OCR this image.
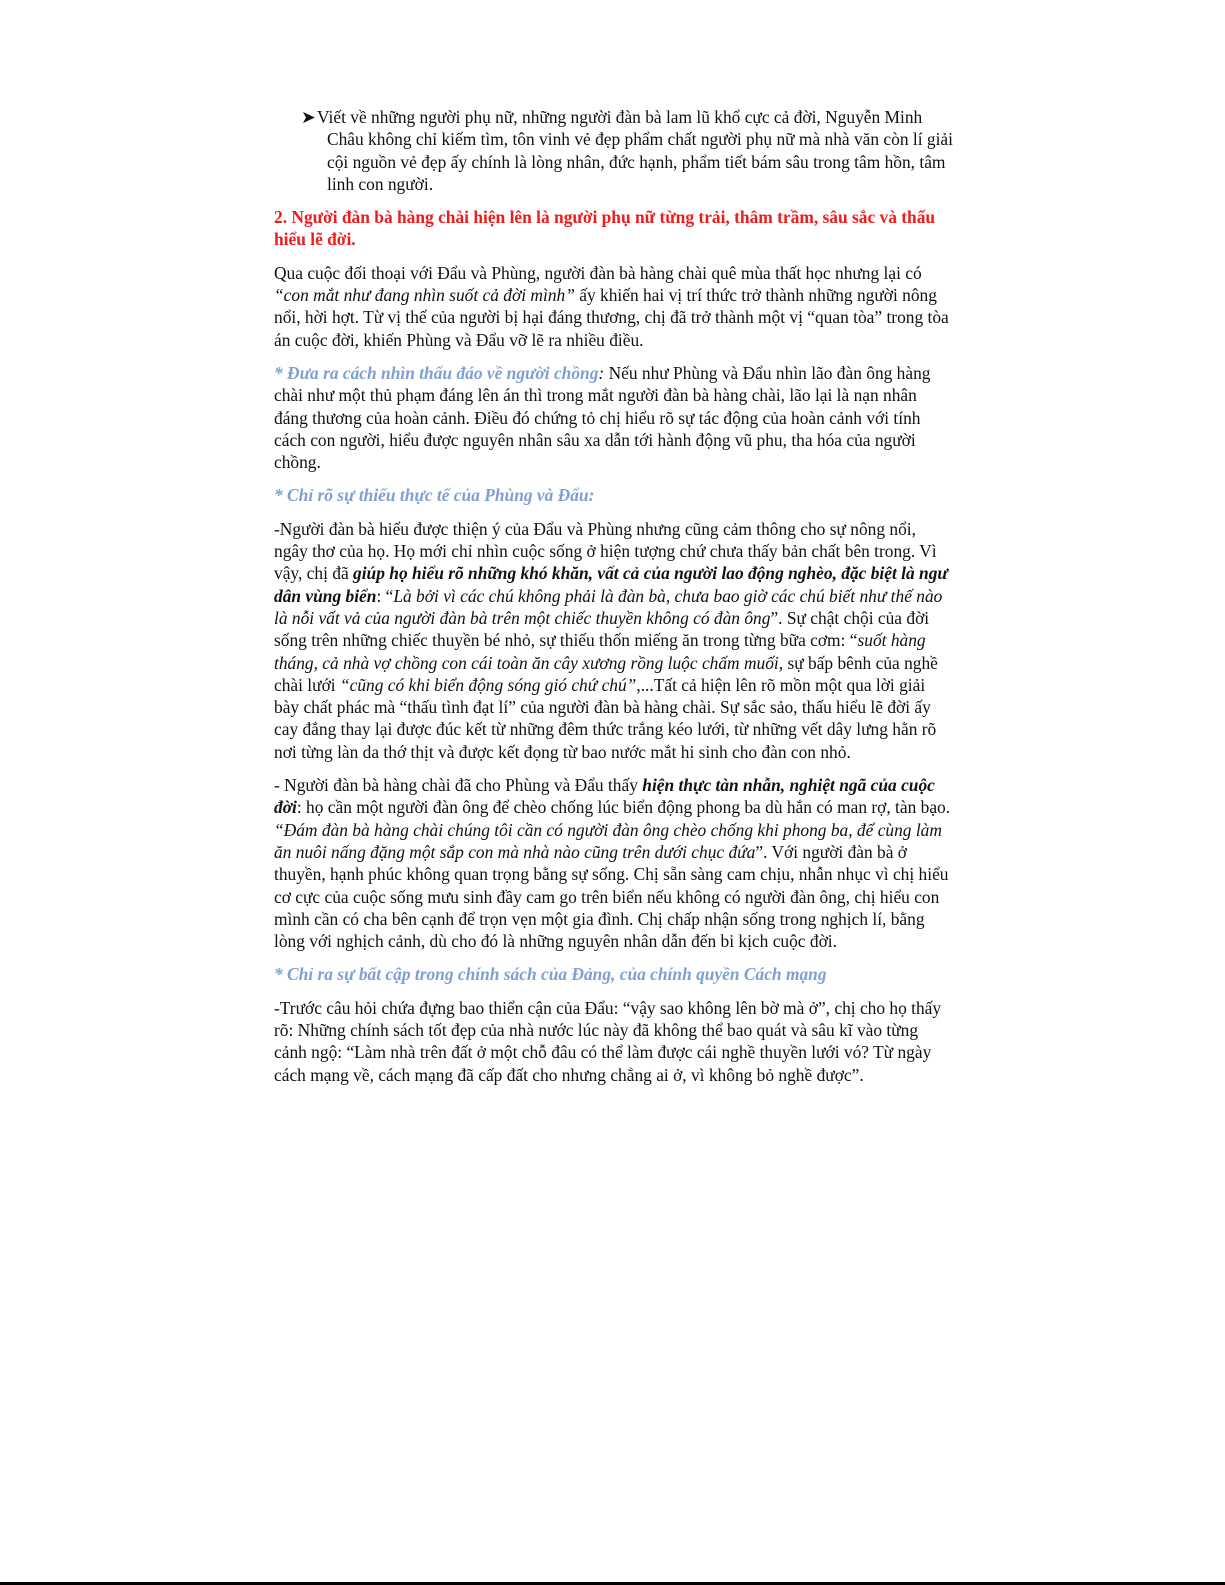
➤Viết về những người phụ nữ, những người đàn bà lam lũ khổ cực cả đời, Nguyễn Minh Châu không chỉ kiếm tìm, tôn vinh vẻ đẹp phẩm chất người phụ nữ mà nhà văn còn lí giải cội nguồn vẻ đẹp ấy chính là lòng nhân, đức hạnh, phẩm tiết bám sâu trong tâm hồn, tâm linh con người.

2. Người đàn bà hàng chài hiện lên là người phụ nữ từng trải, thâm trầm, sâu sắc và thấu hiểu lẽ đời.

Qua cuộc đối thoại với Đẩu và Phùng, người đàn bà hàng chài quê mùa thất học nhưng lại có “con mắt như đang nhìn suốt cả đời mình” ấy khiến hai vị trí thức trở thành những người nông nổi, hời hợt. Từ vị thế của người bị hại đáng thương, chị đã trở thành một vị “quan tòa” trong tòa án cuộc đời, khiến Phùng và Đẩu vỡ lẽ ra nhiều điều.

* Đưa ra cách nhìn thấu đáo về người chồng: Nếu như Phùng và Đẩu nhìn lão đàn ông hàng chài như một thủ phạm đáng lên án thì trong mắt người đàn bà hàng chài, lão lại là nạn nhân đáng thương của hoàn cảnh. Điều đó chứng tỏ chị hiểu rõ sự tác động của hoàn cảnh với tính cách con người, hiểu được nguyên nhân sâu xa dẫn tới hành động vũ phu, tha hóa của người chồng.

* Chỉ rõ sự thiếu thực tế của Phùng và Đẩu:

-Người đàn bà hiểu được thiện ý của Đẩu và Phùng nhưng cũng cảm thông cho sự nông nổi, ngây thơ của họ. Họ mới chỉ nhìn cuộc sống ở hiện tượng chứ chưa thấy bản chất bên trong. Vì vậy, chị đã giúp họ hiểu rõ những khó khăn, vất cả của người lao động nghèo, đặc biệt là ngư dân vùng biển: “Là bởi vì các chú không phải là đàn bà, chưa bao giờ các chú biết như thế nào là nỗi vất vả của người đàn bà trên một chiếc thuyền không có đàn ông”. Sự chật chội của đời sống trên những chiếc thuyền bé nhỏ, sự thiếu thốn miếng ăn trong từng bữa cơm: “suốt hàng tháng, cả nhà vợ chồng con cái toàn ăn cây xương rồng luộc chấm muối, sự bấp bênh của nghề chài lưới “cũng có khi biển động sóng gió chứ chú”,...Tất cả hiện lên rõ mồn một qua lời giải bày chất phác mà “thấu tình đạt lí” của người đàn bà hàng chài. Sự sắc sảo, thấu hiểu lẽ đời ấy cay đắng thay lại được đúc kết từ những đêm thức trắng kéo lưới, từ những vết dây lưng hằn rõ nơi từng làn da thớ thịt và được kết đọng từ bao nước mắt hi sinh cho đàn con nhỏ.

- Người đàn bà hàng chài đã cho Phùng và Đẩu thấy hiện thực tàn nhẫn, nghiệt ngã của cuộc đời: họ cần một người đàn ông để chèo chống lúc biển động phong ba dù hắn có man rợ, tàn bạo. “Đám đàn bà hàng chài chúng tôi cần có người đàn ông chèo chống khi phong ba, để cùng làm ăn nuôi nấng đặng một sắp con mà nhà nào cũng trên dưới chục đứa”. Với người đàn bà ở thuyền, hạnh phúc không quan trọng bằng sự sống. Chị sẵn sàng cam chịu, nhẫn nhục vì chị hiểu cơ cực của cuộc sống mưu sinh đầy cam go trên biển nếu không có người đàn ông, chị hiểu con mình cần có cha bên cạnh để trọn vẹn một gia đình. Chị chấp nhận sống trong nghịch lí, bằng lòng với nghịch cảnh, dù cho đó là những nguyên nhân dẫn đến bi kịch cuộc đời.

* Chỉ ra sự bất cập trong chính sách của Đảng, của chính quyền Cách mạng

-Trước câu hỏi chứa đựng bao thiển cận của Đẩu: “vậy sao không lên bờ mà ở”, chị cho họ thấy rõ: Những chính sách tốt đẹp của nhà nước lúc này đã không thể bao quát và sâu kĩ vào từng cảnh ngộ: “Làm nhà trên đất ở một chỗ đâu có thể làm được cái nghề thuyền lưới vó? Từ ngày cách mạng về, cách mạng đã cấp đất cho nhưng chẳng ai ở, vì không bỏ nghề được”.
